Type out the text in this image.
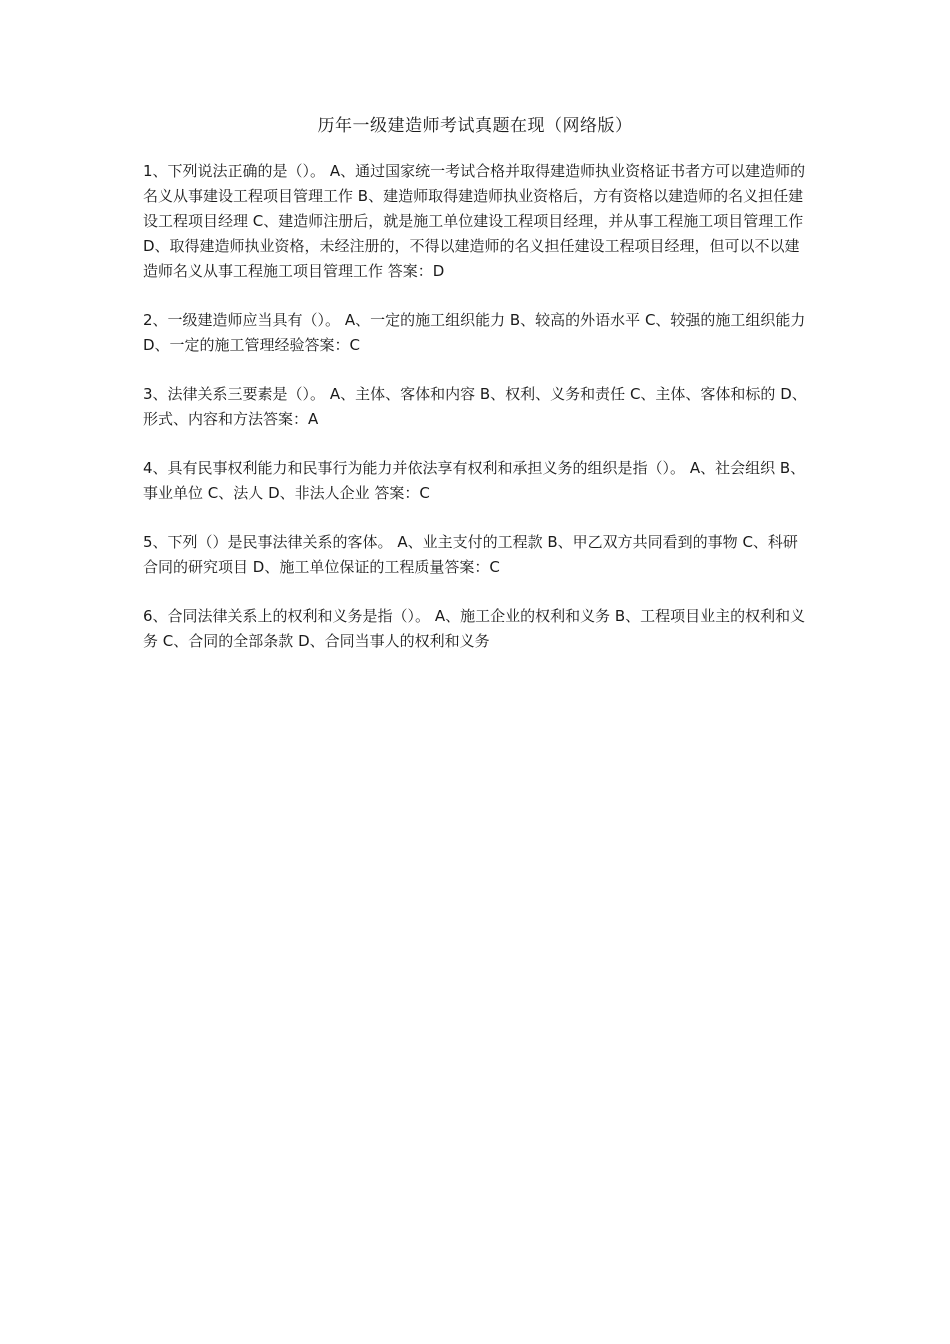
历年一级建造师考试真题在现（网络版）
1、下列说法正确的是（）。 A、通过国家统一考试合格并取得建造师执业资格证书者方可以建造师的名义从事建设工程项目管理工作 B、建造师取得建造师执业资格后，方有资格以建造师的名义担任建设工程项目经理 C、建造师注册后，就是施工单位建设工程项目经理，并从事工程施工项目管理工作 D、取得建造师执业资格，未经注册的，不得以建造师的名义担任建设工程项目经理，但可以不以建造师名义从事工程施工项目管理工作 答案：D
2、一级建造师应当具有（）。 A、一定的施工组织能力 B、较高的外语水平 C、较强的施工组织能力 D、一定的施工管理经验答案：C
3、法律关系三要素是（）。 A、主体、客体和内容 B、权利、义务和责任 C、主体、客体和标的 D、形式、内容和方法答案：A
4、具有民事权利能力和民事行为能力并依法享有权利和承担义务的组织是指（）。 A、社会组织 B、事业单位 C、法人 D、非法人企业 答案：C
5、下列（）是民事法律关系的客体。 A、业主支付的工程款 B、甲乙双方共同看到的事物 C、科研合同的研究项目 D、施工单位保证的工程质量答案：C
6、合同法律关系上的权利和义务是指（）。 A、施工企业的权利和义务 B、工程项目业主的权利和义务 C、合同的全部条款 D、合同当事人的权利和义务
